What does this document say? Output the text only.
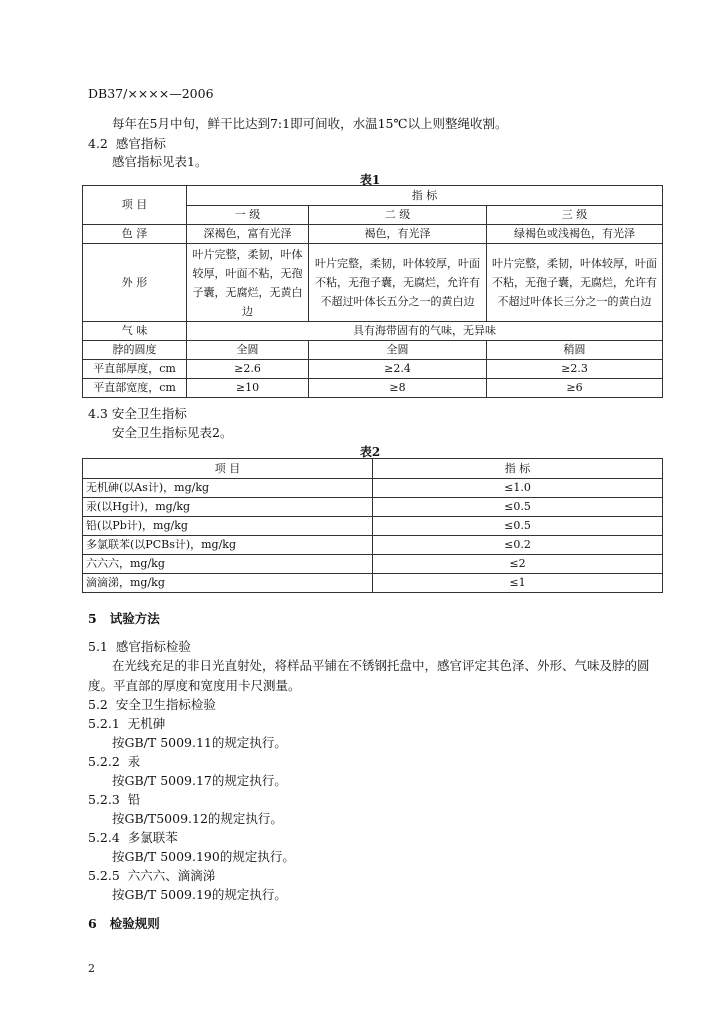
DB37/××××—2006
每年在5月中旬，鲜干比达到7:1即可间收，水温15℃以上则整绳收割。
4.2 感官指标
感官指标见表1。
表1
项 目	指 标		
	一 级	二 级	三 级
色 泽	深褐色，富有光泽	褐色，有光泽	绿褐色或浅褐色，有光泽
外 形	叶片完整，柔韧，叶体较厚，叶面不粘，无孢子囊，无腐烂，无黄白边	叶片完整，柔韧，叶体较厚，叶面不粘，无孢子囊，无腐烂，允许有不超过叶体长五分之一的黄白边	叶片完整，柔韧，叶体较厚，叶面不粘，无孢子囊，无腐烂，允许有不超过叶体长三分之一的黄白边
气 味	具有海带固有的气味，无异味		
脖的圆度	全圆	全圆	稍圆
平直部厚度，cm	≥2.6	≥2.4	≥2.3
平直部宽度，cm	≥10	≥8	≥6
4.3 安全卫生指标
安全卫生指标见表2。
表2
项 目	指 标
无机砷(以As计)，mg/kg	≤1.0
汞(以Hg计)，mg/kg	≤0.5
铅(以Pb计)，mg/kg	≤0.5
多氯联苯(以PCBs计)，mg/kg	≤0.2
六六六，mg/kg	≤2
滴滴涕，mg/kg	≤1
5 试验方法
5.1 感官指标检验
在光线充足的非日光直射处，将样品平铺在不锈钢托盘中，感官评定其色泽、外形、气味及脖的圆
度。平直部的厚度和宽度用卡尺测量。
5.2 安全卫生指标检验
5.2.1 无机砷
按GB/T 5009.11的规定执行。
5.2.2 汞
按GB/T 5009.17的规定执行。
5.2.3 铅
按GB/T5009.12的规定执行。
5.2.4 多氯联苯
按GB/T 5009.190的规定执行。
5.2.5 六六六、滴滴涕
按GB/T 5009.19的规定执行。
6 检验规则
2
